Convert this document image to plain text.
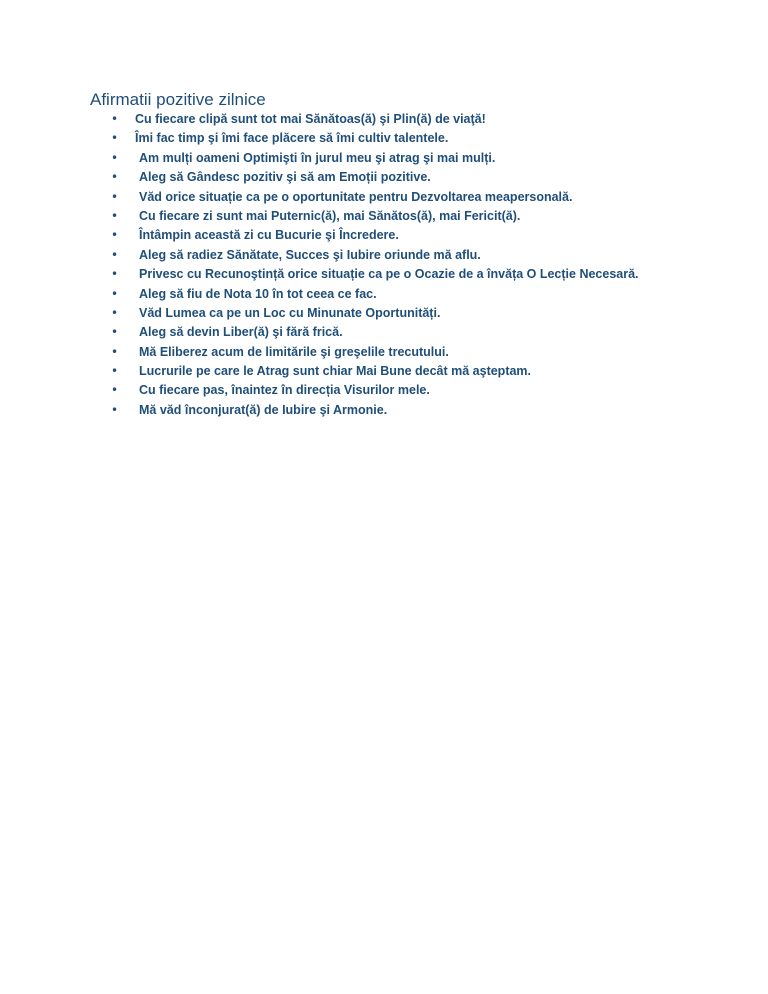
Afirmatii pozitive zilnice
• Cu fiecare clipă sunt tot mai Sănătoas(ă) şi Plin(ă) de viaţă!
• Îmi fac timp şi îmi face plăcere să îmi cultiv talentele.
• Am mulți oameni Optimişti în jurul meu şi atrag şi mai mulți.
• Aleg să Gândesc pozitiv şi să am Emoții pozitive.
• Văd orice situație ca pe o oportunitate pentru Dezvoltarea meapersonală.
• Cu fiecare zi sunt mai Puternic(ă), mai Sănătos(ă), mai Fericit(ă).
• Întâmpin această zi cu Bucurie şi Încredere.
• Aleg să radiez Sănătate, Succes şi Iubire oriunde mă aflu.
• Privesc cu Recunoştință orice situație ca pe o Ocazie de a învăța O Lecție Necesară.
• Aleg să fiu de Nota 10 în tot ceea ce fac.
• Văd Lumea ca pe un Loc cu Minunate Oportunități.
• Aleg să devin Liber(ă) şi fără frică.
• Mă Eliberez acum de limitările şi greşelile trecutului.
• Lucrurile pe care le Atrag sunt chiar Mai Bune decât mă aşteptam.
• Cu fiecare pas, înaintez în direcția Visurilor mele.
• Mă văd înconjurat(ă) de Iubire şi Armonie.
